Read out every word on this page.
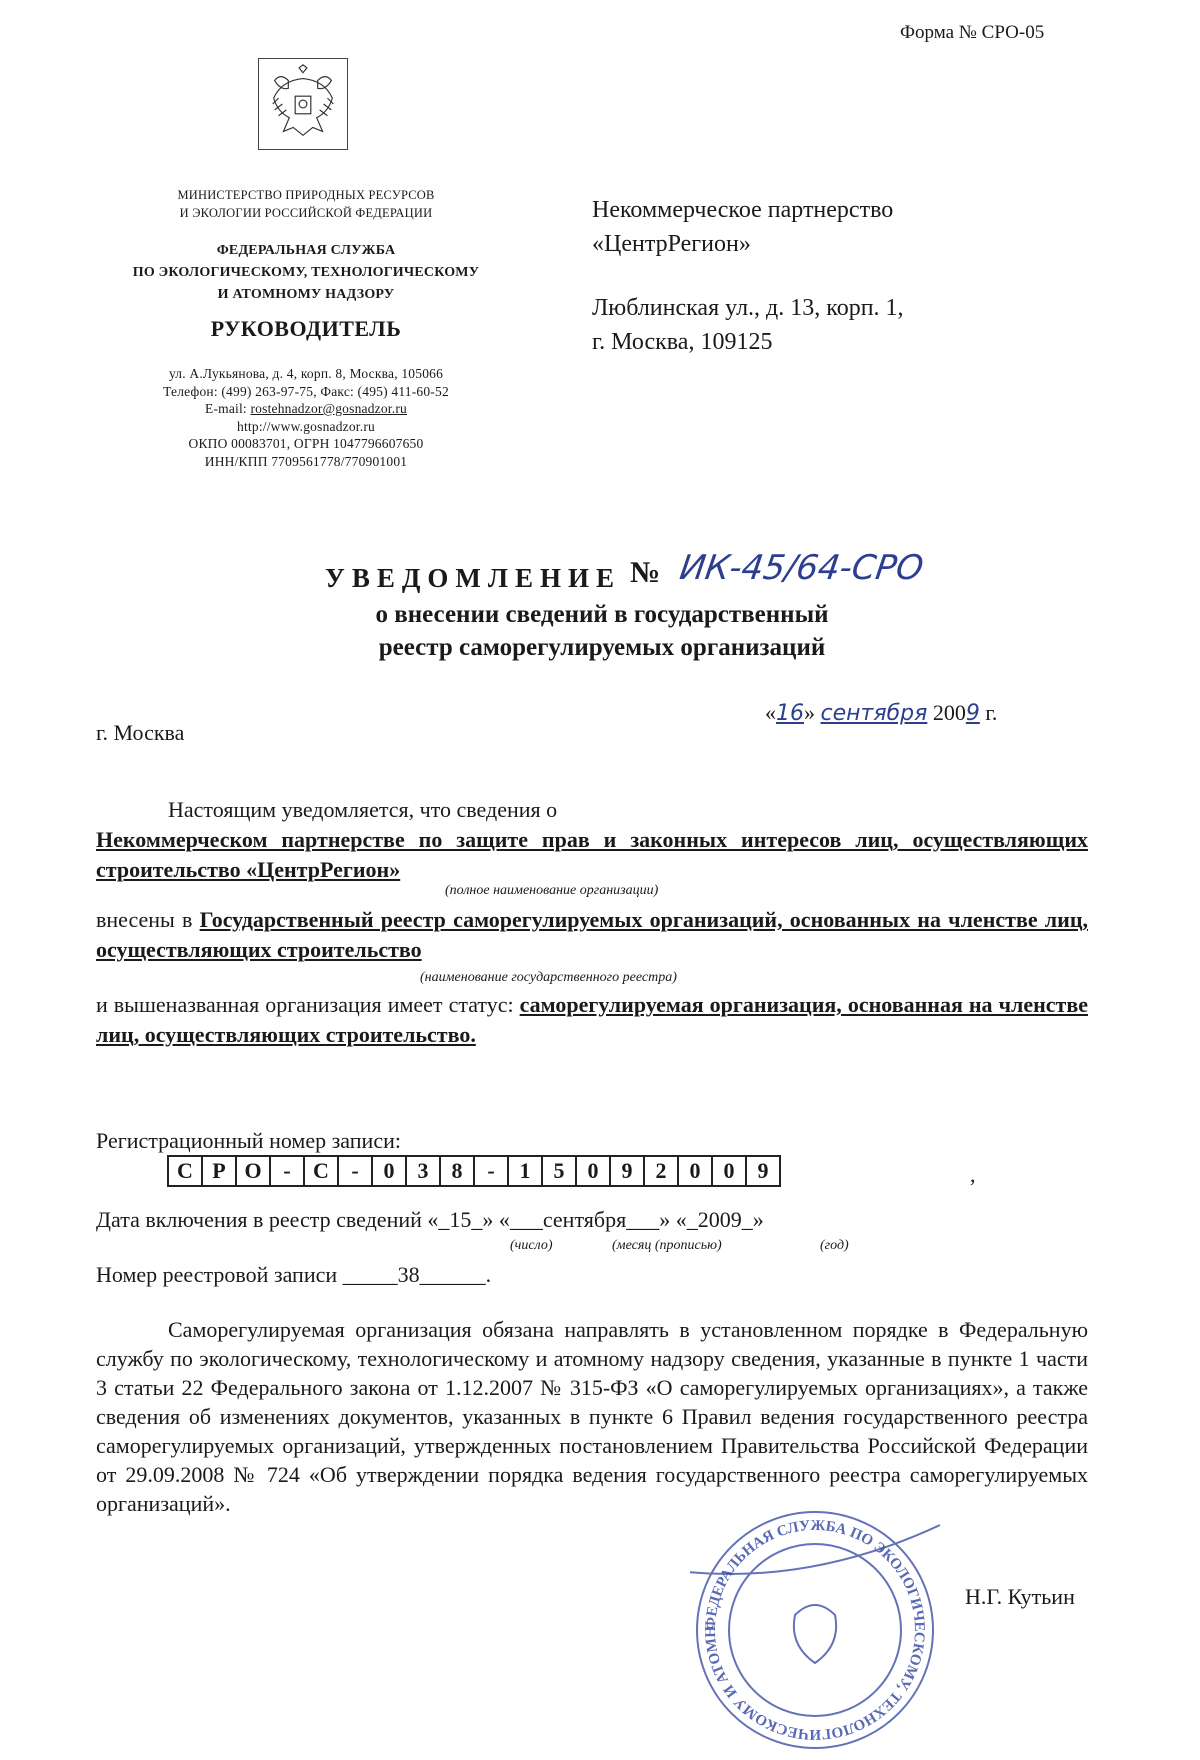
Форма № СРО-05
МИНИСТЕРСТВО ПРИРОДНЫХ РЕСУРСОВ
И ЭКОЛОГИИ РОССИЙСКОЙ ФЕДЕРАЦИИ
ФЕДЕРАЛЬНАЯ СЛУЖБА
ПО ЭКОЛОГИЧЕСКОМУ, ТЕХНОЛОГИЧЕСКОМУ
И АТОМНОМУ НАДЗОРУ
РУКОВОДИТЕЛЬ
ул. А.Лукьянова, д. 4, корп. 8, Москва, 105066
Телефон: (499) 263-97-75, Факс: (495) 411-60-52
E-mail: rostehnadzor@gosnadzor.ru
http://www.gosnadzor.ru
ОКПО 00083701, ОГРН 1047796607650
ИНН/КПП 7709561778/770901001
Некоммерческое партнерство
«ЦентрРегион»
Люблинская ул., д. 13, корп. 1,
г. Москва, 109125
УВЕДОМЛЕНИЕ № ИК-45/64-СРО
о внесении сведений в государственный
реестр саморегулируемых организаций
г. Москва
«16» сентября 2009 г.
Настоящим уведомляется, что сведения о
Некоммерческом партнерстве по защите прав и законных интересов лиц, осуществляющих строительство «ЦентрРегион»
(полное наименование организации)
внесены в Государственный реестр саморегулируемых организаций, основанных на членстве лиц, осуществляющих строительство
(наименование государственного реестра)
и вышеназванная организация имеет статус: саморегулируемая организация, основанная на членстве лиц, осуществляющих строительство.
Регистрационный номер записи:
С Р О -	С	-	0	3	8	-	1	5	0	9	2	0	0	9	,
Дата включения в реестр сведений «_15_» «___сентября___» «_2009_»
(число)	(месяц (прописью)	(год)
Номер реестровой записи _____38______.
Саморегулируемая организация обязана направлять в установленном порядке в Федеральную службу по экологическому, технологическому и атомному надзору сведения, указанные в пункте 1 части 3 статьи 22 Федерального закона от 1.12.2007 № 315-ФЗ «О саморегулируемых организациях», а также сведения об изменениях документов, указанных в пункте 6 Правил ведения государственного реестра саморегулируемых организаций, утвержденных постановлением Правительства Российской Федерации от 29.09.2008 № 724 «Об утверждении порядка ведения государственного реестра саморегулируемых организаций».
ФЕДЕРАЛЬНАЯ СЛУЖБА ПО ЭКОЛОГИЧЕСКОМУ, ТЕХНОЛОГИЧЕСКОМУ И АТОМН
Н.Г. Кутьин
